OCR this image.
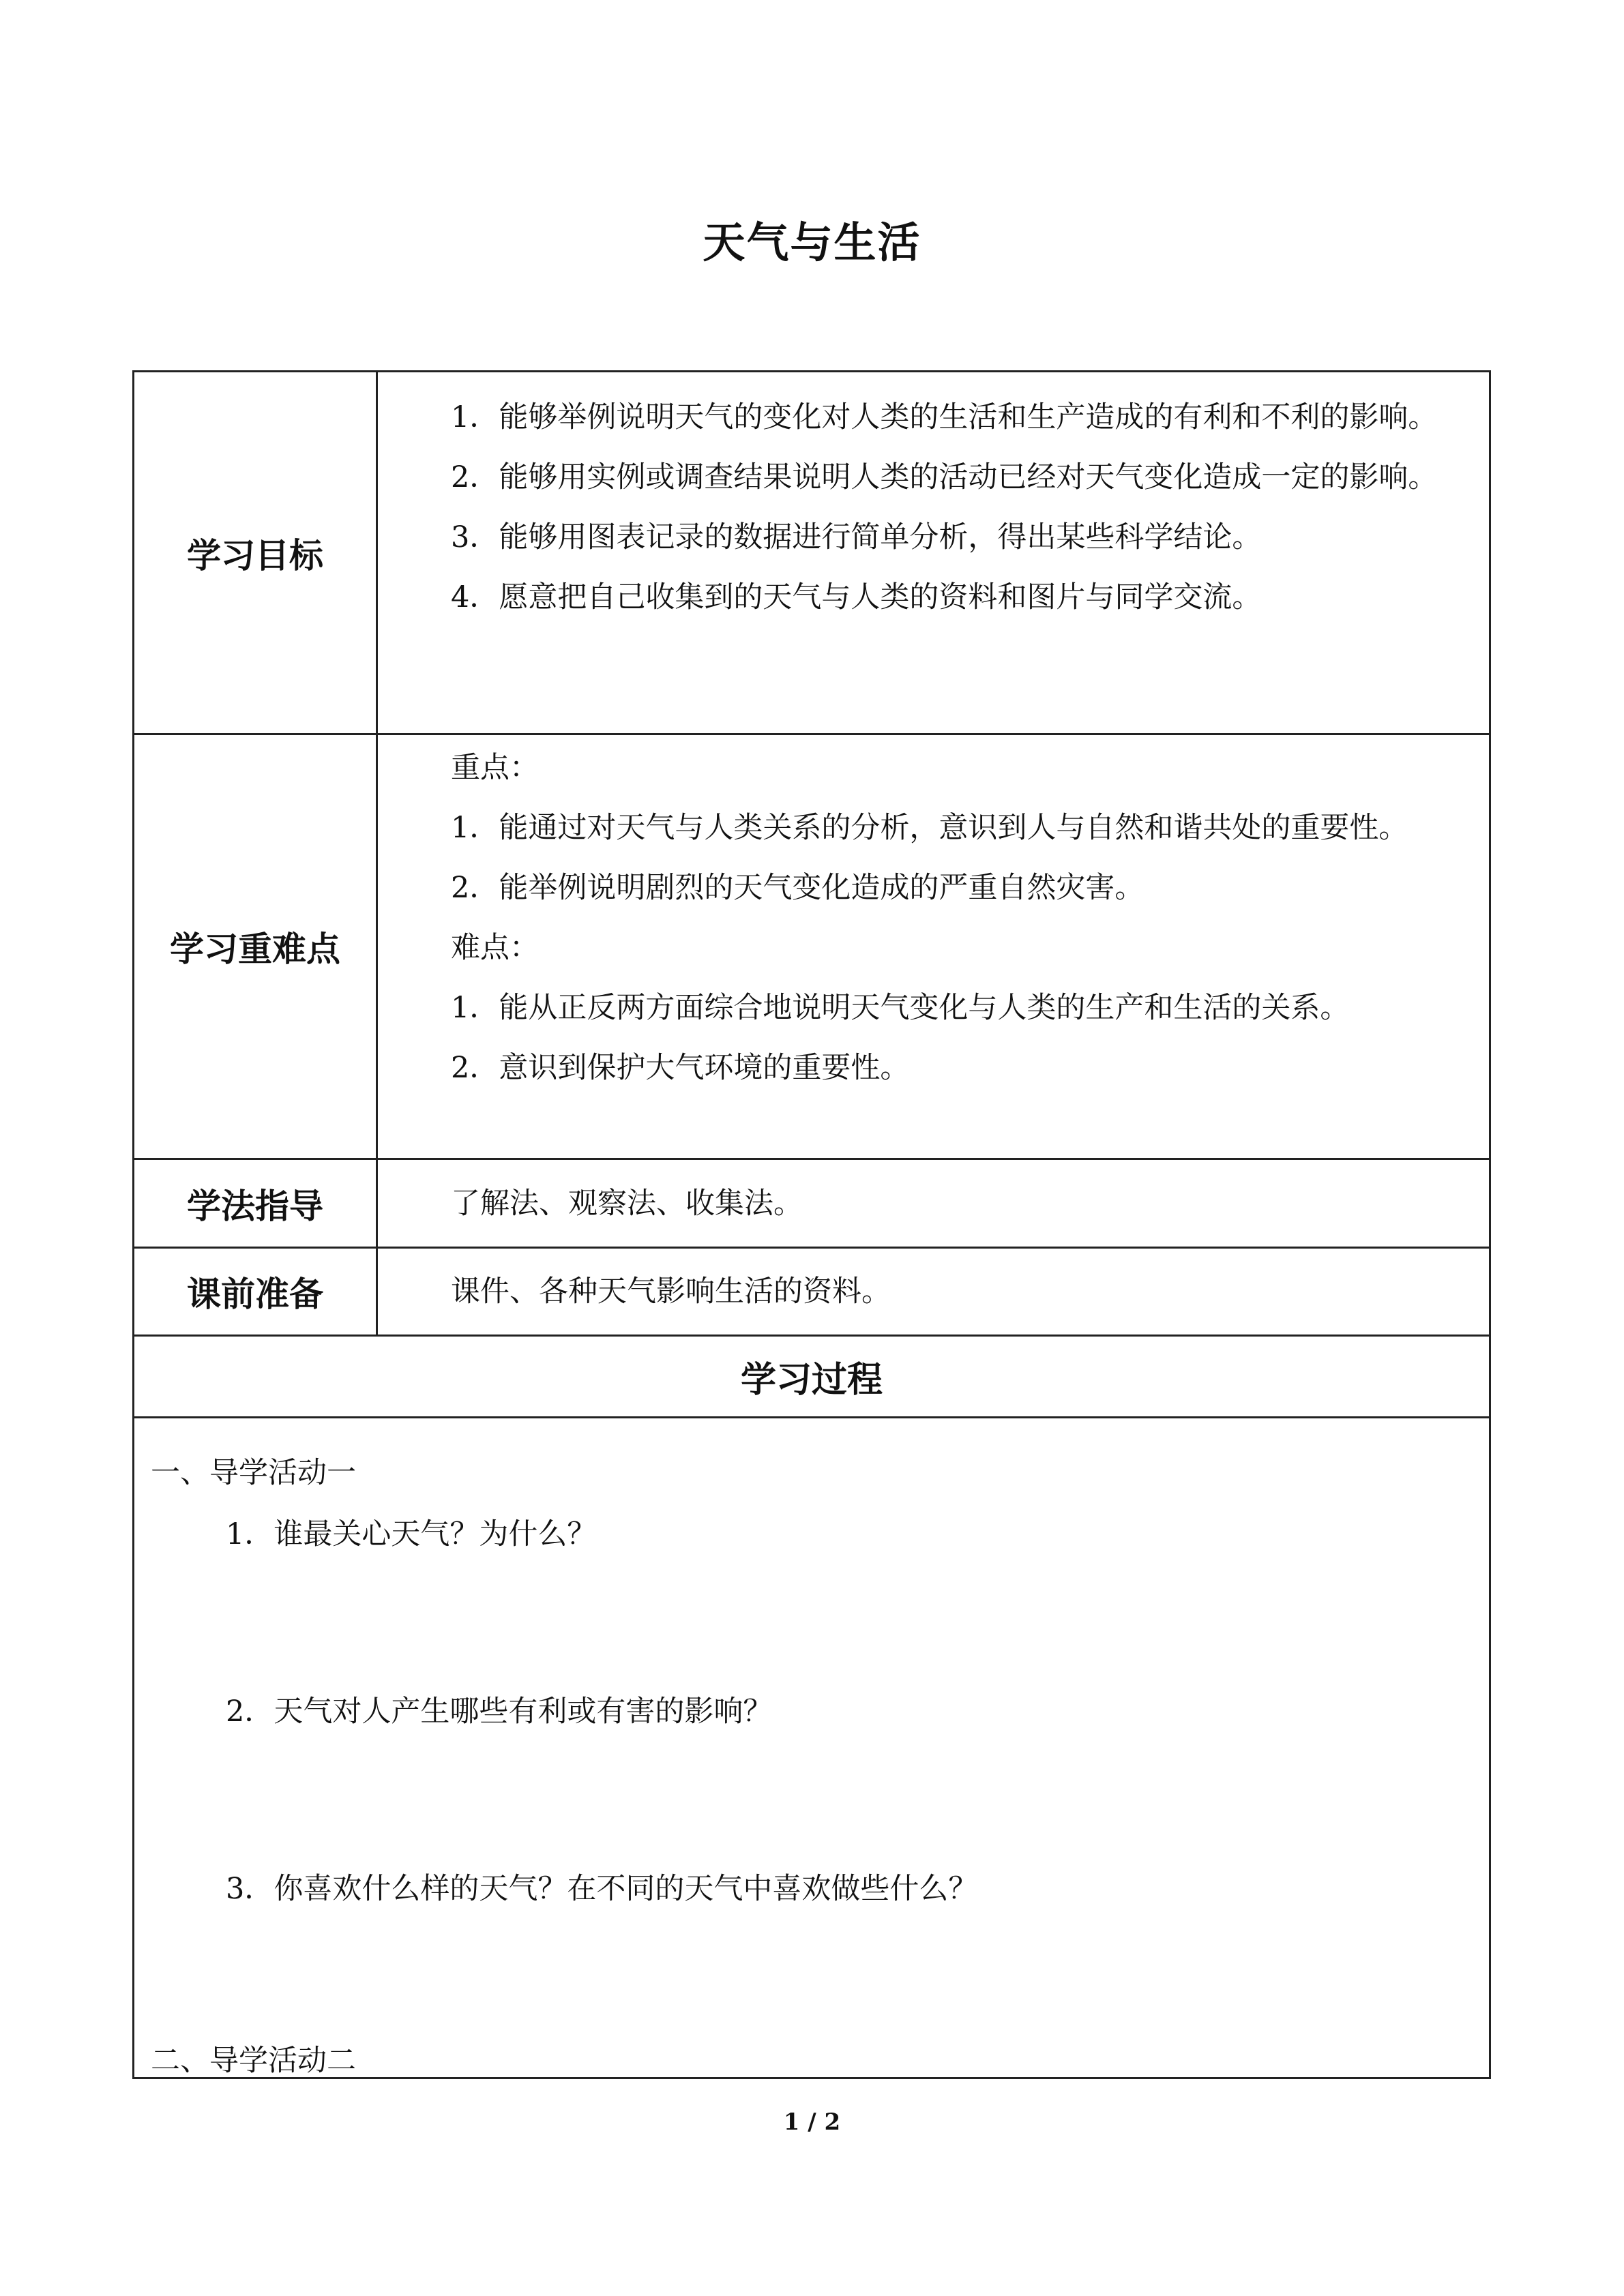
天气与生活
学习目标

1．能够举例说明天气的变化对人类的生活和生产造成的有利和不利的影响。

2．能够用实例或调查结果说明人类的活动已经对天气变化造成一定的影响。

3．能够用图表记录的数据进行简单分析，得出某些科学结论。

4．愿意把自己收集到的天气与人类的资料和图片与同学交流。

学习重难点

重点：

1．能通过对天气与人类关系的分析，意识到人与自然和谐共处的重要性。

2．能举例说明剧烈的天气变化造成的严重自然灾害。

难点：

1．能从正反两方面综合地说明天气变化与人类的生产和生活的关系。

2．意识到保护大气环境的重要性。

学法指导	了解法、观察法、收集法。

课前准备	课件、各种天气影响生活的资料。

学习过程

一、导学活动一

1．谁最关心天气？为什么？

2．天气对人产生哪些有利或有害的影响？

3．你喜欢什么样的天气？在不同的天气中喜欢做些什么？

二、导学活动二

1 / 2
